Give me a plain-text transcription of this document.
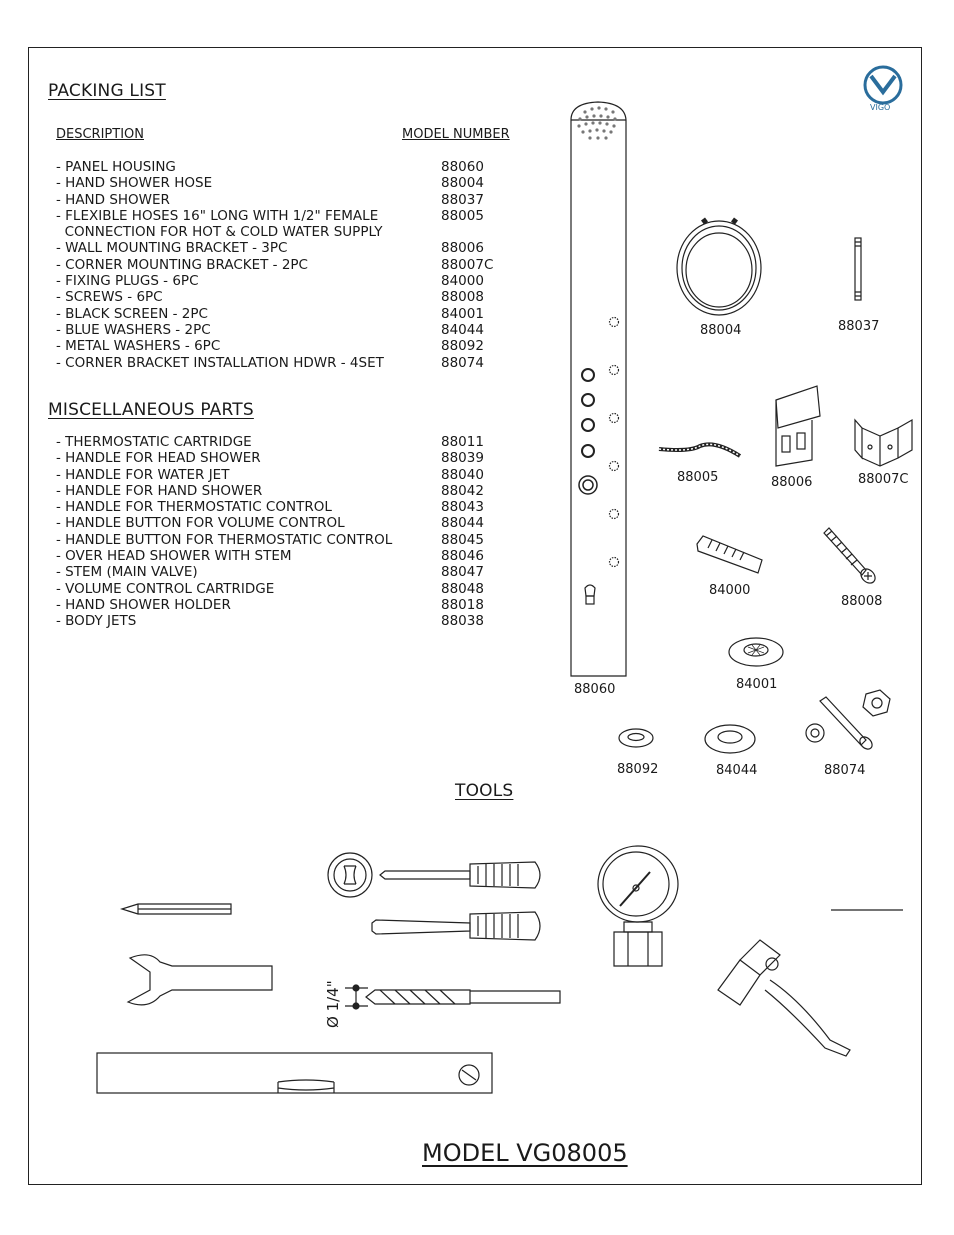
VIGO
PACKING LIST
DESCRIPTION	MODEL NUMBER
- PANEL HOUSING	88060
- HAND SHOWER HOSE	88004
- HAND SHOWER	88037
- FLEXIBLE HOSES 16" LONG WITH 1/2" FEMALE	88005
CONNECTION FOR HOT & COLD WATER SUPPLY
- WALL MOUNTING BRACKET - 3PC	88006
- CORNER MOUNTING BRACKET - 2PC	88007C
- FIXING PLUGS - 6PC	84000
- SCREWS - 6PC	88008
- BLACK SCREEN - 2PC	84001
- BLUE WASHERS - 2PC	84044
- METAL WASHERS - 6PC	88092
- CORNER BRACKET INSTALLATION HDWR - 4SET	88074
MISCELLANEOUS PARTS
- THERMOSTATIC CARTRIDGE	88011
- HANDLE FOR HEAD SHOWER	88039
- HANDLE FOR WATER JET	88040
- HANDLE FOR HAND SHOWER	88042
- HANDLE FOR THERMOSTATIC CONTROL	88043
- HANDLE BUTTON FOR VOLUME CONTROL	88044
- HANDLE BUTTON FOR THERMOSTATIC CONTROL	88045
- OVER HEAD SHOWER WITH STEM	88046
- STEM (MAIN VALVE)	88047
- VOLUME CONTROL CARTRIDGE	88048
- HAND SHOWER HOLDER	88018
- BODY JETS	88038
88060
88004	88037
88005	88006	88007C
84000
88008
84001
88092	84044	88074
TOOLS
Ø 1/4"
MODEL VG08005
